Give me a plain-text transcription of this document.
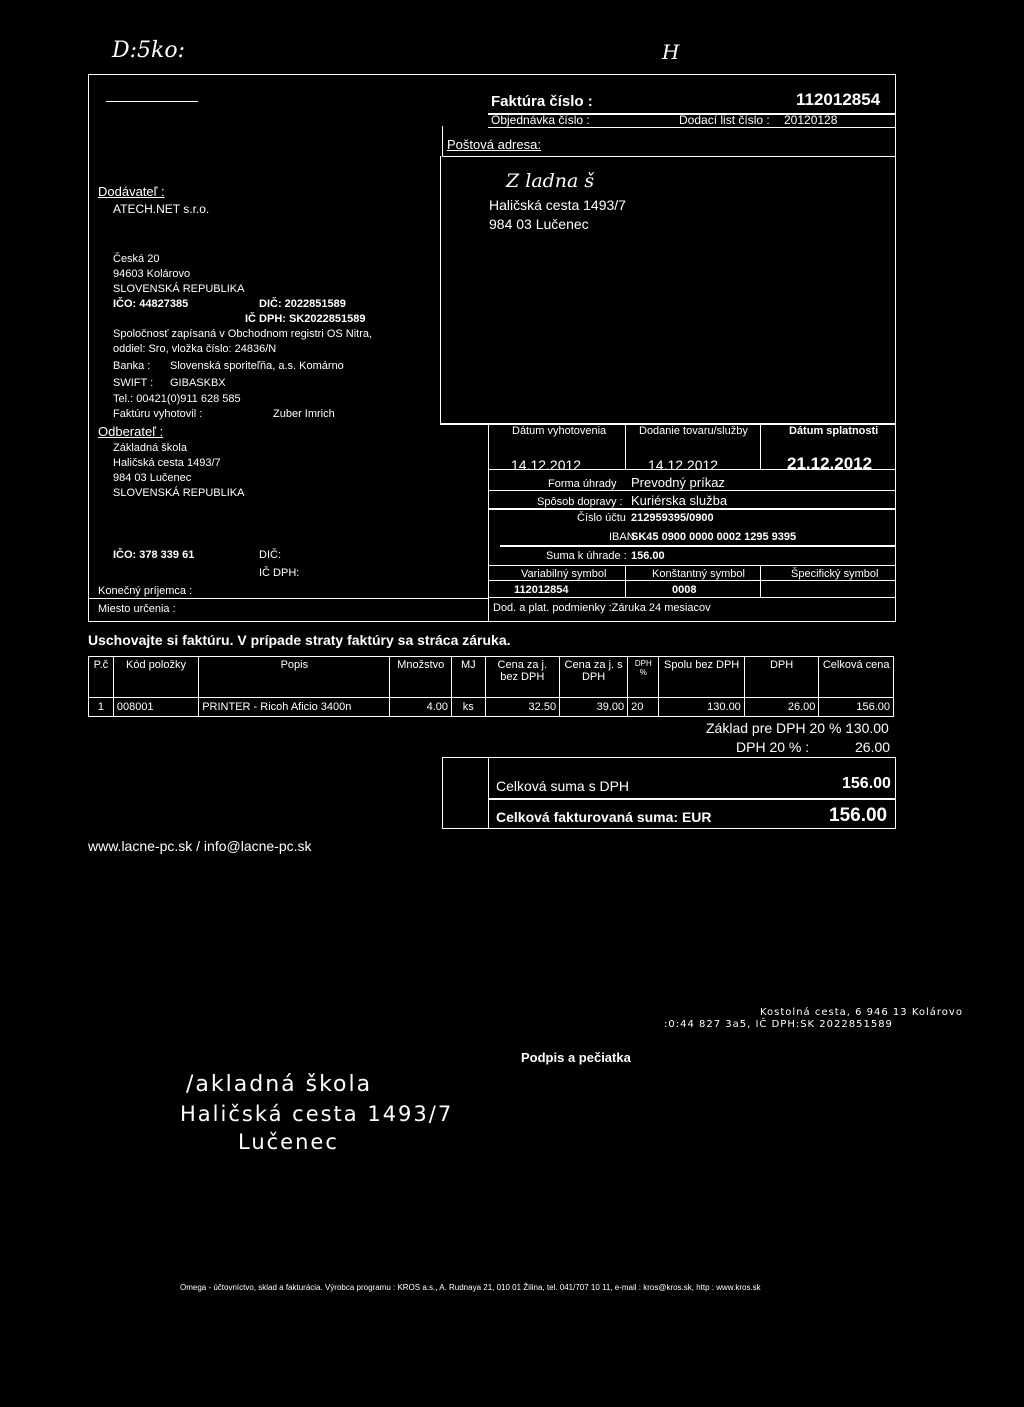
D:5ko:	H
Faktúra číslo :	112012854
Objednávka číslo :	Dodací list číslo : 20120128
Poštová adresa:
Z ladna š
Haličská cesta 1493/7
984 03 Lučenec
Dodávateľ :
ATECH.NET s.r.o.
Česká 20
94603 Kolárovo
SLOVENSKÁ REPUBLIKA
IČO: 44827385	DIČ: 2022851589
IČ DPH: SK2022851589
Spoločnosť zapísaná v Obchodnom registri OS Nitra,
oddiel: Sro, vložka číslo: 24836/N
Banka : Slovenská sporiteľňa, a.s. Komárno
SWIFT : GIBASKBX
Tel.: 00421(0)911 628 585
Faktúru vyhotovil :	Zuber Imrich
Odberateľ :
Základná škola
Haličská cesta 1493/7
984 03 Lučenec
SLOVENSKÁ REPUBLIKA
IČO: 378 339 61	DIČ:
IČ DPH:
Konečný príjemca :
Miesto určenia :
Dátum vyhotovenia	Dodanie tovaru/služby	Dátum splatnosti
14.12.2012	14.12.2012	21.12.2012
Forma úhrady Prevodný príkaz
Spôsob dopravy : Kuriérska služba
Číslo účtu 212959395/0900
IBAN
SK45 0900 0000 0002 1295 9395
Suma k úhrade : 156.00
Variabilný symbol	Konštantný symbol	Špecifický symbol
112012854	0008
Dod. a plat. podmienky :Záruka 24 mesiacov
Uschovajte si faktúru. V prípade straty faktúry sa stráca záruka.
P.č	Kód položky	Popis	Množstvo	MJ	Cena za j. bez DPH	Cena za j. s DPH	DPH %	Spolu bez DPH	DPH	Celková cena
1	008001	PRINTER - Ricoh Aficio 3400n	4.00	ks	32.50	39.00	20	130.00	26.00	156.00
Základ pre DPH 20 % :
130.00
DPH 20 % :	26.00
Celková suma s DPH	156.00
Celková fakturovaná suma: EUR	156.00
www.lacne-pc.sk / info@lacne-pc.sk
Kostolná cesta, 6 946 13 Kolárovo
:0:44 827 3a5, IČ DPH:SK 2022851589
Podpis a pečiatka
/akladná škola
Haličská cesta 1493/7
Lučenec
Omega - účtovníctvo, sklad a fakturácia. Výrobca programu : KROS a.s., A. Rudnaya 21, 010 01 Žilina, tel. 041/707 10 11, e-mail : kros@kros.sk, http : www.kros.sk
